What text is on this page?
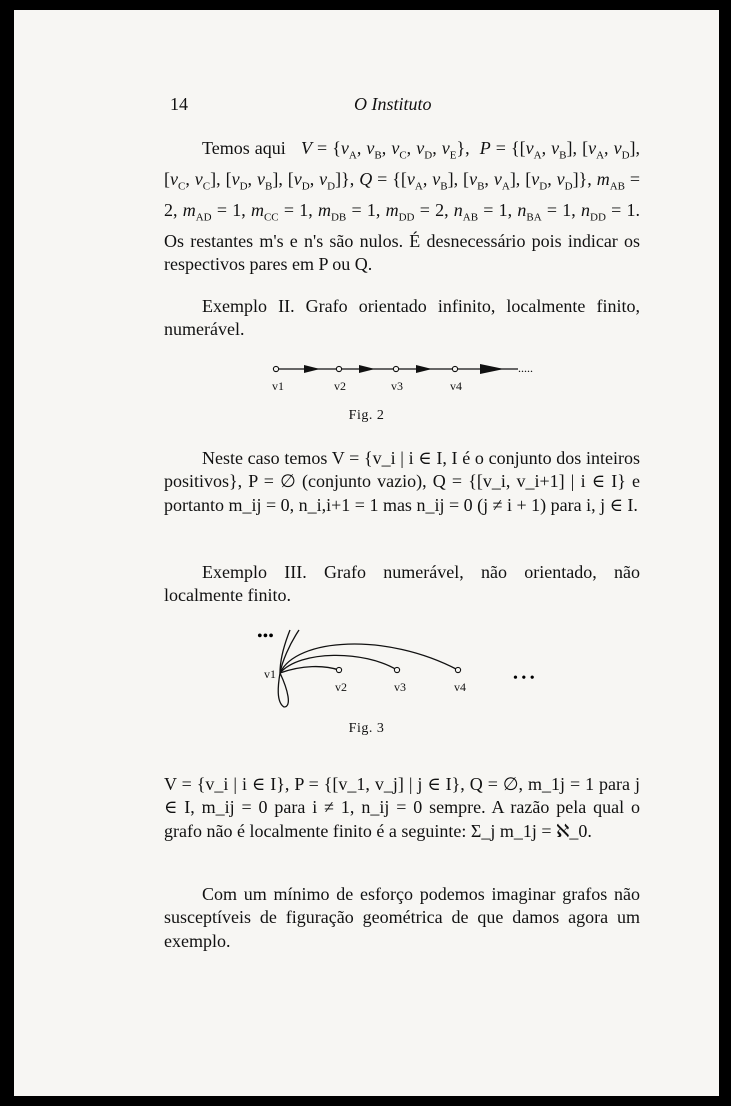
14	O Instituto
Temos aqui $V = \{v_A$, $v_B$, $v_C$, $v_D$, $v_E$},  $P = \{[v_A$, $v_B$], [$v_A$, $v_D$], [$v_C$, $v_C$], [$v_D$, $v_B$], [$v_D$, $v_D$]}, $Q = \{[v_A$, $v_B$], [$v_B$, $v_A$], [$v_D$, $v_D$]}, $m_{AB} = 2$, $m_{AD} = 1$, $m_{CC} = 1$, $m_{DB} = 1$, $m_{DD} = 2$, $n_{AB} = 1$, $n_{BA} = 1$, $n_{DD} = 1$. Os restantes m's e n's são nulos. É desnecessário pois indicar os respectivos pares em P ou Q.
Exemplo II. Grafo orientado infinito, localmente finito, numerável.
.....
v1	v2	v3	v4
Fig. 2
Neste caso temos V = {v_i | i ∈ I, I é o conjunto dos inteiros positivos}, P = ∅ (conjunto vazio), Q = {[v_i, v_i+1] | i ∈ I} e portanto m_ij = 0, n_i,i+1 = 1 mas n_ij = 0 (j ≠ i + 1) para i, j ∈ I.
Exemplo III. Grafo numerável, não orientado, não localmente finito.
•••
• • •
v1
v2	v3	v4
Fig. 3
V = {v_i | i ∈ I}, P = {[v_1, v_j] | j ∈ I}, Q = ∅, m_1j = 1 para j ∈ I, m_ij = 0 para i ≠ 1, n_ij = 0 sempre. A razão pela qual o grafo não é localmente finito é a seguinte: Σ_j m_1j = ℵ_0.
Com um mínimo de esforço podemos imaginar grafos não susceptíveis de figuração geométrica de que damos agora um exemplo.
